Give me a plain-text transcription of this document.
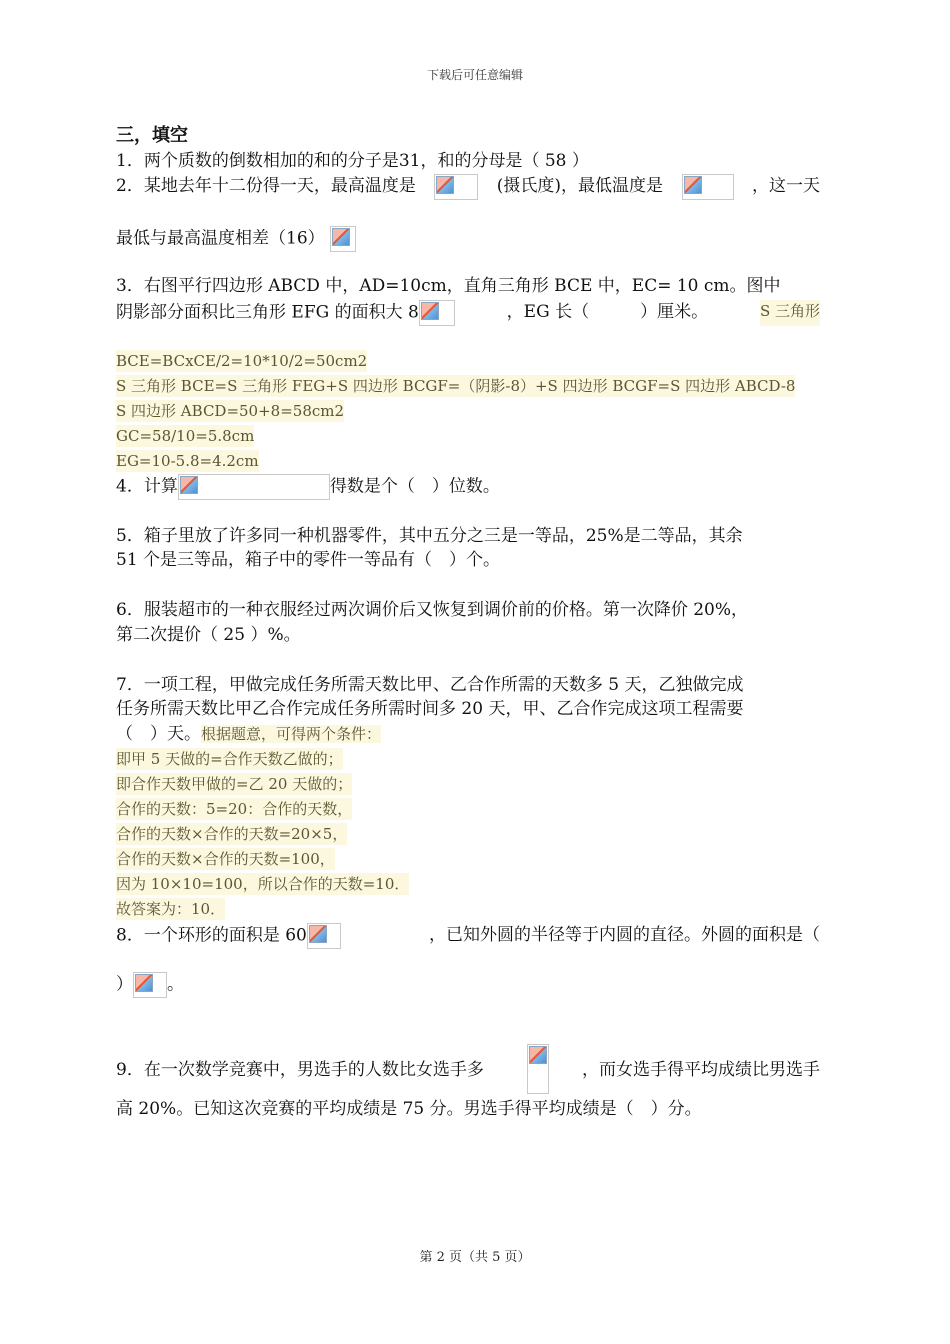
下载后可任意编辑
三，填空
1．两个质数的倒数相加的和的分子是31，和的分母是（ 58 ）
2．某地去年十二份得一天，最高温度是	(摄氏度)，最低温度是	，这一天
最低与最高温度相差（16）
3．右图平行四边形 ABCD 中，AD=10cm，直角三角形 BCE 中，EC= 10 cm。图中
阴影部分面积比三角形 EFG 的面积大 8	，EG 长（　　　）厘米。	S 三角形
BCE=BCxCE/2=10*10/2=50cm2
S 三角形 BCE=S 三角形 FEG+S 四边形 BCGF=（阴影-8）+S 四边形 BCGF=S 四边形 ABCD-8
S 四边形 ABCD=50+8=58cm2
GC=58/10=5.8cm
EG=10-5.8=4.2cm
4．计算	得数是个（　）位数。
5．箱子里放了许多同一种机器零件，其中五分之三是一等品，25%是二等品，其余
51 个是三等品，箱子中的零件一等品有（　）个。
6．服装超市的一种衣服经过两次调价后又恢复到调价前的价格。第一次降价 20%，
第二次提价（ 25 ）%。
7．一项工程，甲做完成任务所需天数比甲、乙合作所需的天数多 5 天，乙独做完成
任务所需天数比甲乙合作完成任务所需时间多 20 天，甲、乙合作完成这项工程需要
（　）天。根据题意，可得两个条件：
即甲 5 天做的=合作天数乙做的；
即合作天数甲做的=乙 20 天做的；
合作的天数：5=20：合作的天数，
合作的天数×合作的天数=20×5，
合作的天数×合作的天数=100，
因为 10×10=100，所以合作的天数=10．
故答案为：10．
8．一个环形的面积是 60	，已知外圆的半径等于内圆的直径。外圆的面积是（
） 。
9．在一次数学竞赛中，男选手的人数比女选手多	，而女选手得平均成绩比男选手
高 20%。已知这次竞赛的平均成绩是 75 分。男选手得平均成绩是（　）分。
第 2 页（共 5 页）
